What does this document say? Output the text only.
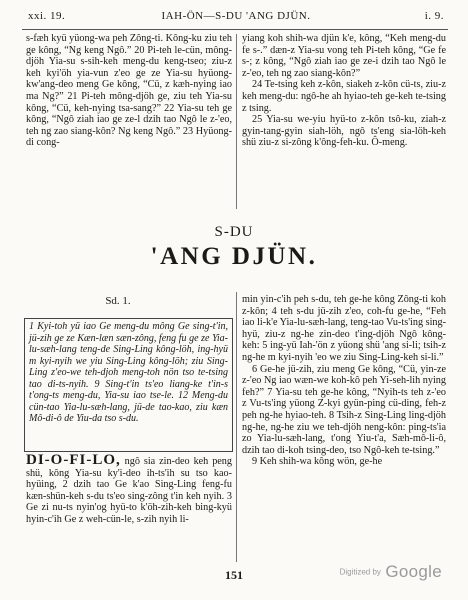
xxi. 19.	IAH-ÖN—S-DU 'ANG DJÜN.	i. 9.

s-fæh kyü yüong-wa peh Zông-ti. Kông-ku ziu teh ge kông, “Ng keng Ngô.” 20 Pi-teh le-cün, mông-djöh Yia-su s-sih-keh meng-du keng-tseo; ziu-z keh kyi'öh yia-vun z'eo ge ze Yia-su hyüong-kw'ang-deo meng Ge kông, “Cü, z kæh-nying iao ma Ng?” 21 Pi-teh mông-djöh ge, ziu teh Yia-su kông, “Cü, keh-nying tsa-sang?” 22 Yia-su teh ge kông, “Ngô ziah iao ge ze-l dzih tao Ngô le z-'eo, teh ng zao siang-kôn? Ng keng Ngô.” 23 Hyüong-di cong-

yiang koh shih-wa djün k'e, kông, “Keh meng-du fe s-.” dæn-z Yia-su vong teh Pi-teh kông, “Ge fe s-; z kông, “Ngô ziah iao ge ze-i dzih tao Ngô le z-'eo, teh ng zao siang-kôn?”

24 Te-tsing keh z-kôn, siakeh z-kôn cü-ts, ziu-z keh meng-du: ngô-he ah hyiao-teh ge-keh te-tsing z tsing.

25 Yia-su we-yiu hyü-to z-kôn tsô-ku, ziah-z gyin-tang-gyin siah-löh, ngô ts'eng sia-löh-keh shü ziu-z si-zông k'ông-feh-ku. Ô-meng.

S-DU
'ANG DJÜN.
Sd. 1.

1 Kyi-toh yü iao Ge meng-du mông Ge sing-t'in, jü-zih ge ze Kæn-læn sæn-zông, feng fu ge ze Yia-lu-sæh-lang teng-de Sing-Ling kông-löh, ing-hyü m kyi-nyih we yiu Sing-Ling kông-löh; ziu Sing-Ling z'eo-we teh-djoh meng-toh nön tso te-tsing tao di-ts-nyih. 9 Sing-t'in ts'eo liang-ke t'in-s t'ong-ts meng-du, Yia-su iao tse-le. 12 Meng-du cün-tao Yia-lu-sæh-lang, jü-de tao-kao, ziu kæn Mô-di-ô de Yiu-da tso s-du.

DI-O-FI-LO, ngô sia zin-deo keh peng shü, kông Yia-su ky'i-deo ih-ts'ih su tso kao-hyüing, 2 dzih tao Ge k'ao Sing-Ling feng-fu kæn-shün-keh s-du ts'eo sing-zông t'in keh nyih. 3 Ge zi nu-ts nyin'og hyü-to k'öh-zih-keh bing-kyü hyin-c'ih Ge z weh-cün-le, s-zih nyih li-

min yin-c'ih peh s-du, teh ge-he kông Zông-ti koh z-kôn; 4 teh s-du jü-zih z'eo, coh-fu ge-he, “Feh iao li-k'e Yia-lu-sæh-lang, teng-tao Vu-ts'ing sing-hyü, ziu-z ng-he zin-deo t'ing-djöh Ngô kông-keh: 5 ing-yü Iah-'ön z yüong shü 'ang si-li; tsih-z ng-he m kyi-nyih 'eo we ziu Sing-Ling-keh si-li.”

6 Ge-he jü-zih, ziu meng Ge kông, “Cü, yin-ze z-'eo Ng iao wæn-we koh-kô peh Yi-seh-lih nying feh?” 7 Yia-su teh ge-he kông, “Nyih-ts teh z-'eo z Vu-ts'ing yüong Z-kyi gyün-ping cü-ding, feh-z peh ng-he hyiao-teh. 8 Tsih-z Sing-Ling ling-djöh ng-he, ng-he ziu we teh-djöh neng-kôn: ping-ts'ia zo Yia-lu-sæh-lang, t'ong Yiu-t'a, Sæh-mô-li-ô, dzih tao di-koh tsing-deo, tso Ngô-keh te-tsing.”

9 Keh shih-wa kông wön, ge-he

151	Digitized by Google
